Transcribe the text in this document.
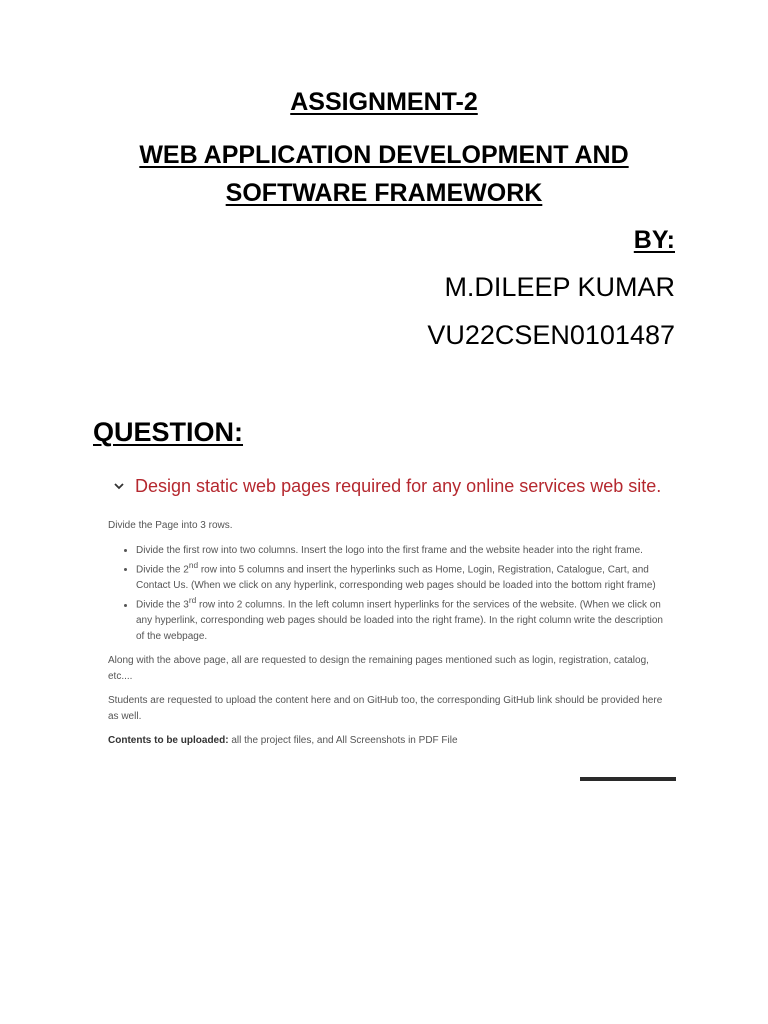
ASSIGNMENT-2
WEB APPLICATION DEVELOPMENT AND
SOFTWARE FRAMEWORK
BY:
M.DILEEP KUMAR
VU22CSEN0101487
QUESTION:
Design static web pages required for any online services web site.

Divide the Page into 3 rows.

• Divide the first row into two columns. Insert the logo into the first frame and the website header into the right frame.
• Divide the 2nd row into 5 columns and insert the hyperlinks such as Home, Login, Registration, Catalogue, Cart, and Contact Us. (When we click on any hyperlink, corresponding web pages should be loaded into the bottom right frame)
• Divide the 3rd row into 2 columns. In the left column insert hyperlinks for the services of the website. (When we click on any hyperlink, corresponding web pages should be loaded into the right frame). In the right column write the description of the webpage.

Along with the above page, all are requested to design the remaining pages mentioned such as login, registration, catalog, etc....

Students are requested to upload the content here and on GitHub too, the corresponding GitHub link should be provided here as well.

Contents to be uploaded: all the project files, and All Screenshots in PDF File
